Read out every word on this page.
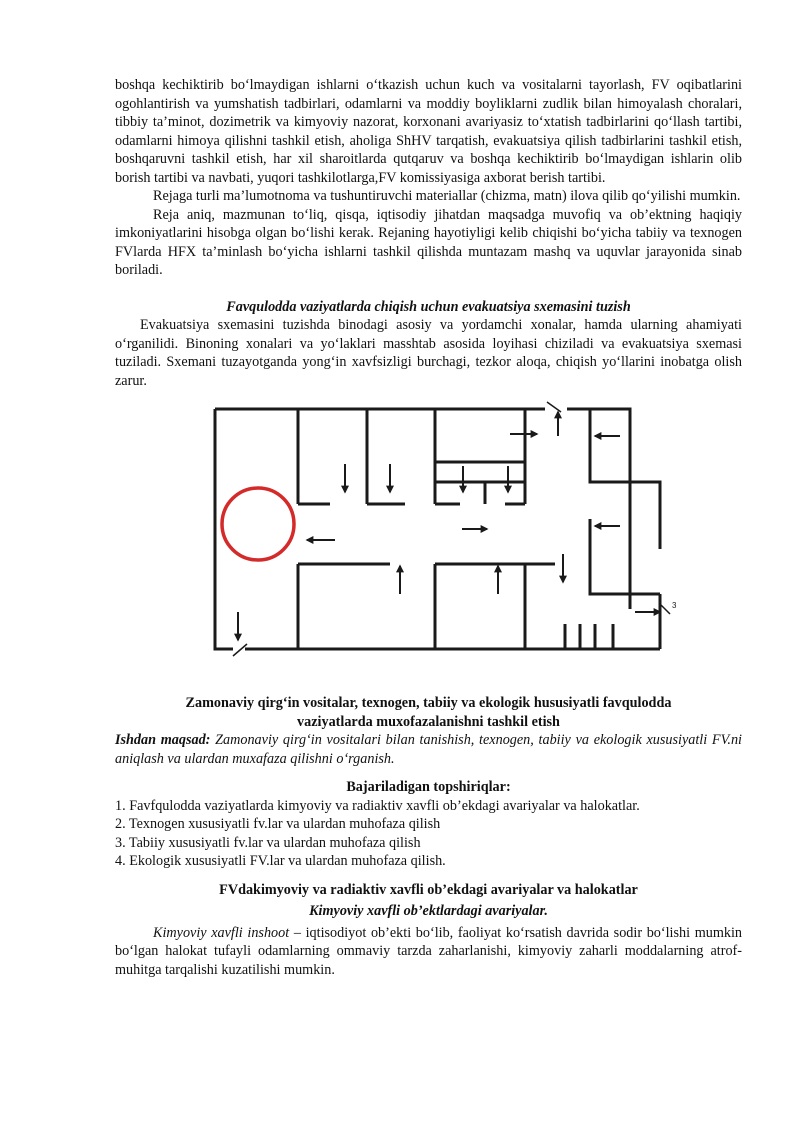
boshqa kechiktirib bo‘lmaydigan ishlarni o‘tkazish uchun kuch va vositalarni tayorlash, FV oqibatlarini ogohlantirish va yumshatish tadbirlari, odamlarni va moddiy boyliklarni zudlik bilan himoyalash choralari, tibbiy ta’minot, dozimetrik va kimyoviy nazorat, korxonani avariyasiz to‘xtatish tadbirlarini qo‘llash tartibi, odamlarni himoya qilishni tashkil etish, aholiga ShHV tarqatish, evakuatsiya qilish tadbirlarini tashkil etish, boshqaruvni tashkil etish, har xil sharoitlarda qutqaruv va boshqa kechiktirib bo‘lmaydigan ishlarin olib borish tartibi va navbati, yuqori tashkilotlarga,FV komissiyasiga axborat berish tartibi.

Rejaga turli ma’lumotnoma va tushuntiruvchi materiallar (chizma, matn) ilova qilib qo‘yilishi mumkin.

Reja aniq, mazmunan to‘liq, qisqa, iqtisodiy jihatdan maqsadga muvofiq va ob’ektning haqiqiy imkoniyatlarini hisobga olgan bo‘lishi kerak. Rejaning hayotiyligi kelib chiqishi bo‘yicha tabiiy va texnogen FVlarda HFX ta’minlash bo‘yicha ishlarni tashkil qilishda muntazam mashq va uquvlar jarayonida sinab boriladi.

Favqulodda vaziyatlarda chiqish uchun evakuatsiya sxemasini tuzish

Evakuatsiya sxemasini tuzishda binodagi asosiy va yordamchi xonalar, hamda ularning ahamiyati o‘rganilidi. Binoning xonalari va yo‘laklari masshtab asosida loyihasi chiziladi va evakuatsiya sxemasi tuziladi. Sxemani tuzayotganda yong‘in xavfsizligi burchagi, tezkor aloqa, chiqish yo‘llarini inobatga olish zarur.

3

Zamonaviy qirg‘in vositalar, texnogen, tabiiy va ekologik hususiyatli favqulodda

vaziyatlarda muxofazalanishni tashkil etish

Ishdan maqsad: Zamonaviy qirg‘in vositalari bilan tanishish, texnogen, tabiiy va ekologik xususiyatli FV.ni aniqlash va ulardan muxafaza qilishni o‘rganish.

Bajariladigan topshiriqlar:

1. Favfqulodda vaziyatlarda kimyoviy va radiaktiv xavfli ob’ekdagi avariyalar va halokatlar.
2. Texnogen xususiyatli fv.lar va ulardan muhofaza qilish
3. Tabiiy xususiyatli fv.lar va ulardan muhofaza qilish
4. Ekologik xususiyatli FV.lar va ulardan muhofaza qilish.

FVdakimyoviy va radiaktiv xavfli ob’ekdagi avariyalar va halokatlar

Kimyoviy xavfli ob’ektlardagi avariyalar.

Kimyoviy xavfli inshoot – iqtisodiyot ob’ekti bo‘lib, faoliyat ko‘rsatish davrida sodir bo‘lishi mumkin bo‘lgan halokat tufayli odamlarning ommaviy tarzda zaharlanishi, kimyoviy zaharli moddalarning atrof-muhitga tarqalishi kuzatilishi mumkin.
